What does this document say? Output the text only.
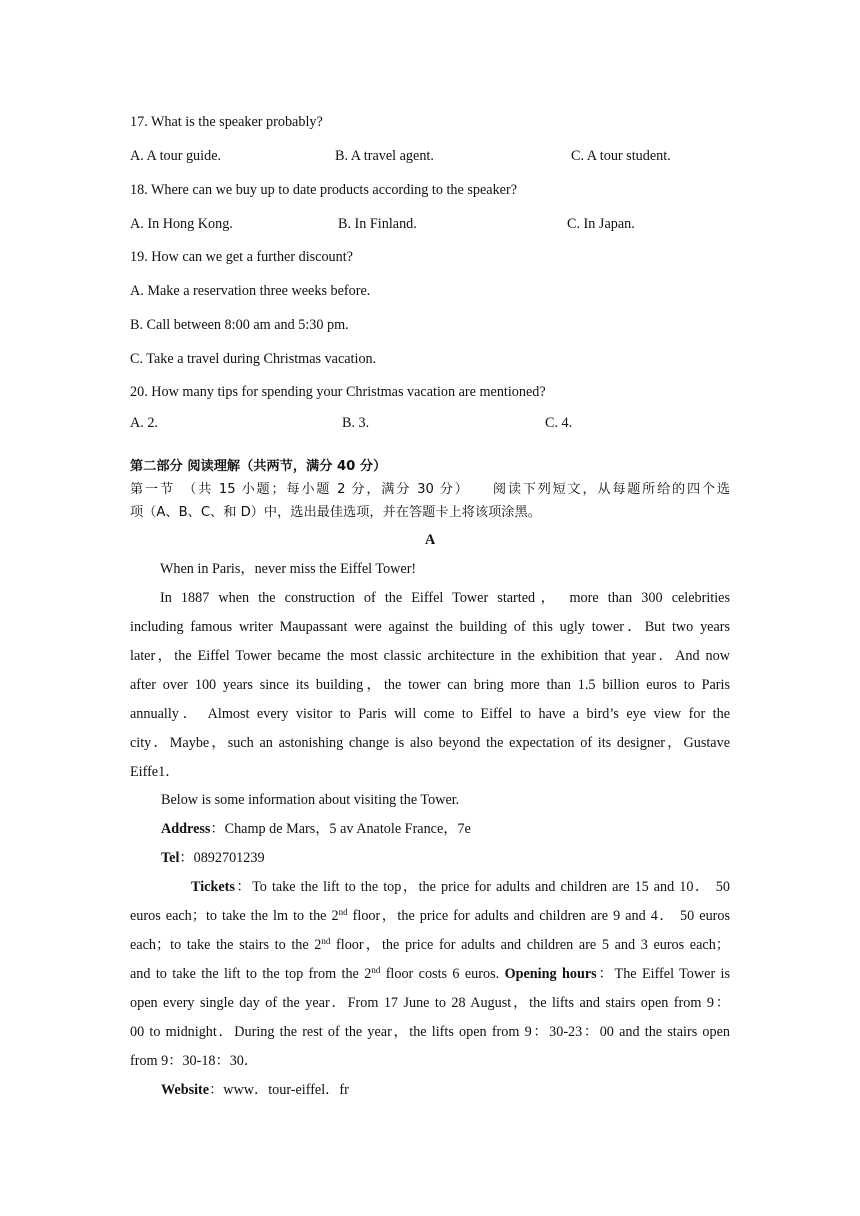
17. What is the speaker probably?
A. A tour guide.	B. A travel agent.	C. A tour student.
18. Where can we buy up to date products according to the speaker?
A. In Hong Kong.	B. In Finland.	C. In Japan.
19. How can we get a further discount?
A. Make a reservation three weeks before.
B. Call between 8:00 am and 5:30 pm.
C. Take a travel during Christmas vacation.
20. How many tips for spending your Christmas vacation are mentioned?
A. 2.	B. 3.	C. 4.
第二部分 阅读理解（共两节，满分 40 分）
第一节　（共 15 小题；每小题 2 分，满分 30 分）　　阅读下列短文，从每题所给的四个选
项（A、B、C、和 D）中，选出最佳选项，并在答题卡上将该项涂黑。
A
When in Paris，never miss the Eiffel Tower!
In 1887 when the construction of the Eiffel Tower started， more than 300 celebrities
including famous writer Maupassant were against the building of this ugly tower．But two years
later，the Eiffel Tower became the most classic architecture in the exhibition that year．And now
after over 100 years since its building，the tower can bring more than 1.5 billion euros to Paris
annually． Almost every visitor to Paris will come to Eiffel to have a bird’s eye view for the
city．Maybe，such an astonishing change is also beyond the expectation of its designer，Gustave
Eiffe1．
Below is some information about visiting the Tower.
Address：Champ de Mars，5 av Anatole France，7e
Tel：0892701239
Tickets：To take the lift to the top，the price for adults and children are 15 and 10． 50
euros each；to take the lm to the 2nd floor，the price for adults and children are 9 and 4． 50 euros
each；to take the stairs to the 2nd floor，the price for adults and children are 5 and 3 euros each；
and to take the lift to the top from the 2nd floor costs 6 euros. Opening hours：The Eiffel Tower is
open every single day of the year．From 17 June to 28 August，the lifts and stairs open from 9：
00 to midnight．During the rest of the year，the lifts open from 9：30-23：00 and the stairs open
from 9：30-18：30．
Website：www．tour-eiffel．fr
